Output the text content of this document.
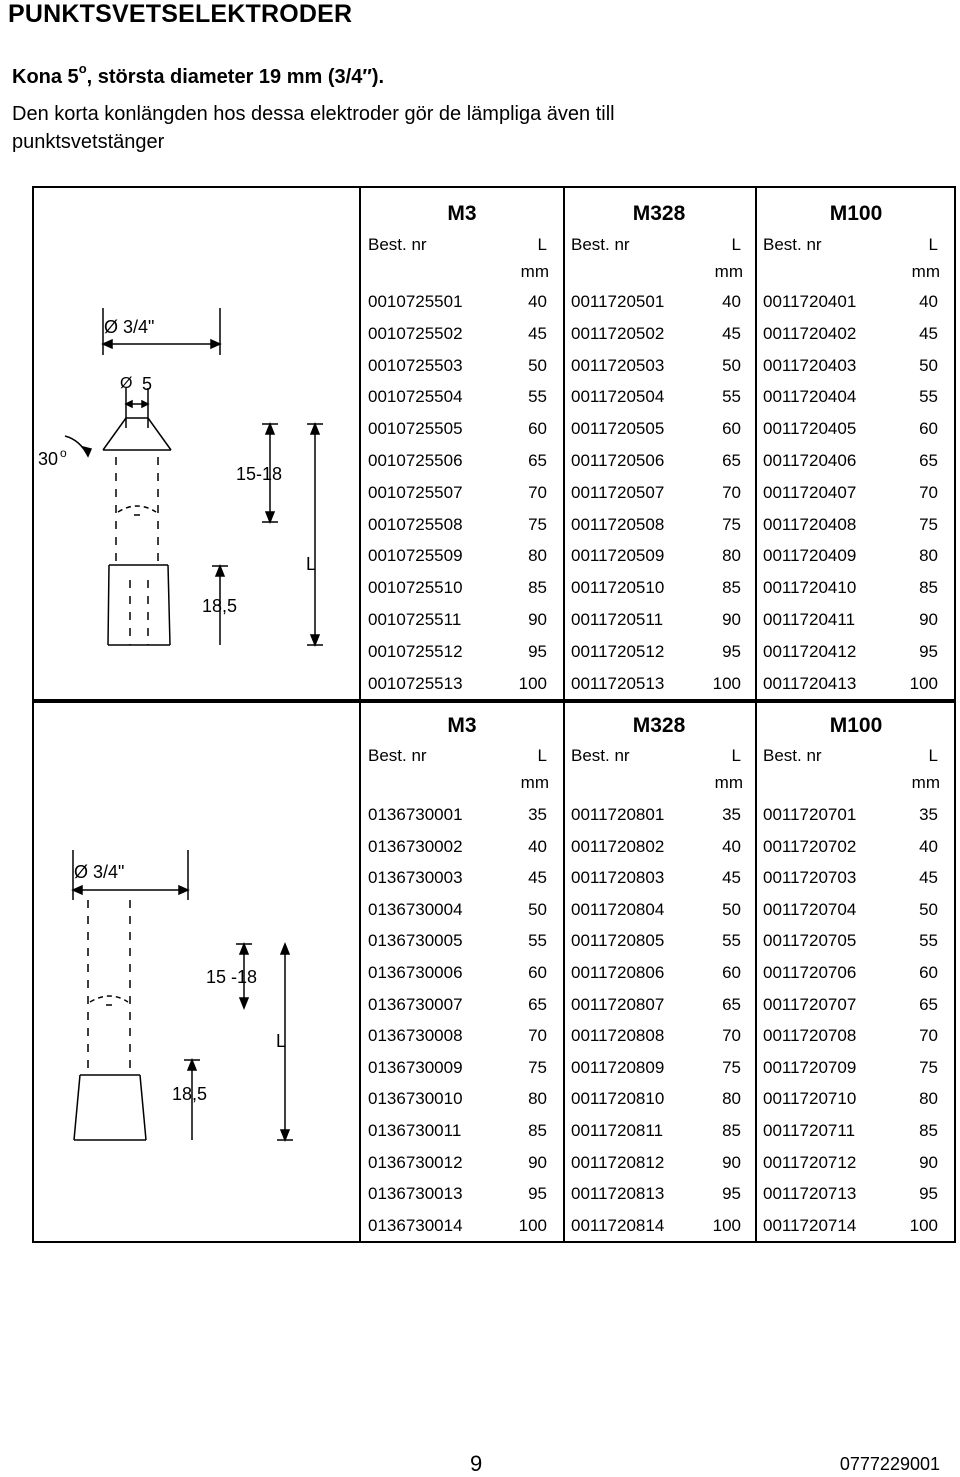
PUNKTSVETSELEKTRODER
Kona 5$^o$, största diameter 19 mm (3/4″).
Den korta konlängden hos dessa elektroder gör de lämpliga även till
punktsvetstänger
Ø 3/4"
Ø 5
30 o
15-18
18,5
L
Ø 3/4"
15 -18
18,5
L
9	0777229001
M3
Best. nr	L
mm
M328
Best. nr	L
mm
M100
Best. nr	L
mm
0010725501	40 0011720501	40 0011720401	40
0010725502	45 0011720502	45 0011720402	45
0010725503	50 0011720503	50 0011720403	50
0010725504	55 0011720504	55 0011720404	55
0010725505	60 0011720505	60 0011720405	60
0010725506	65 0011720506	65 0011720406	65
0010725507	70 0011720507	70 0011720407	70
0010725508	75 0011720508	75 0011720408	75
0010725509	80 0011720509	80 0011720409	80
0010725510	85 0011720510	85 0011720410	85
0010725511	90 0011720511	90 0011720411	90
0010725512	95 0011720512	95 0011720412	95
0010725513	100 0011720513	100 0011720413	100
M3
Best. nr	L
mm
M328
Best. nr	L
mm
M100
Best. nr	L
mm
0136730001	35 0011720801	35 0011720701	35
0136730002	40 0011720802	40 0011720702	40
0136730003	45 0011720803	45 0011720703	45
0136730004	50 0011720804	50 0011720704	50
0136730005	55 0011720805	55 0011720705	55
0136730006	60 0011720806	60 0011720706	60
0136730007	65 0011720807	65 0011720707	65
0136730008	70 0011720808	70 0011720708	70
0136730009	75 0011720809	75 0011720709	75
0136730010	80 0011720810	80 0011720710	80
0136730011	85 0011720811	85 0011720711	85
0136730012	90 0011720812	90 0011720712	90
0136730013	95 0011720813	95 0011720713	95
0136730014	100 0011720814	100 0011720714	100
